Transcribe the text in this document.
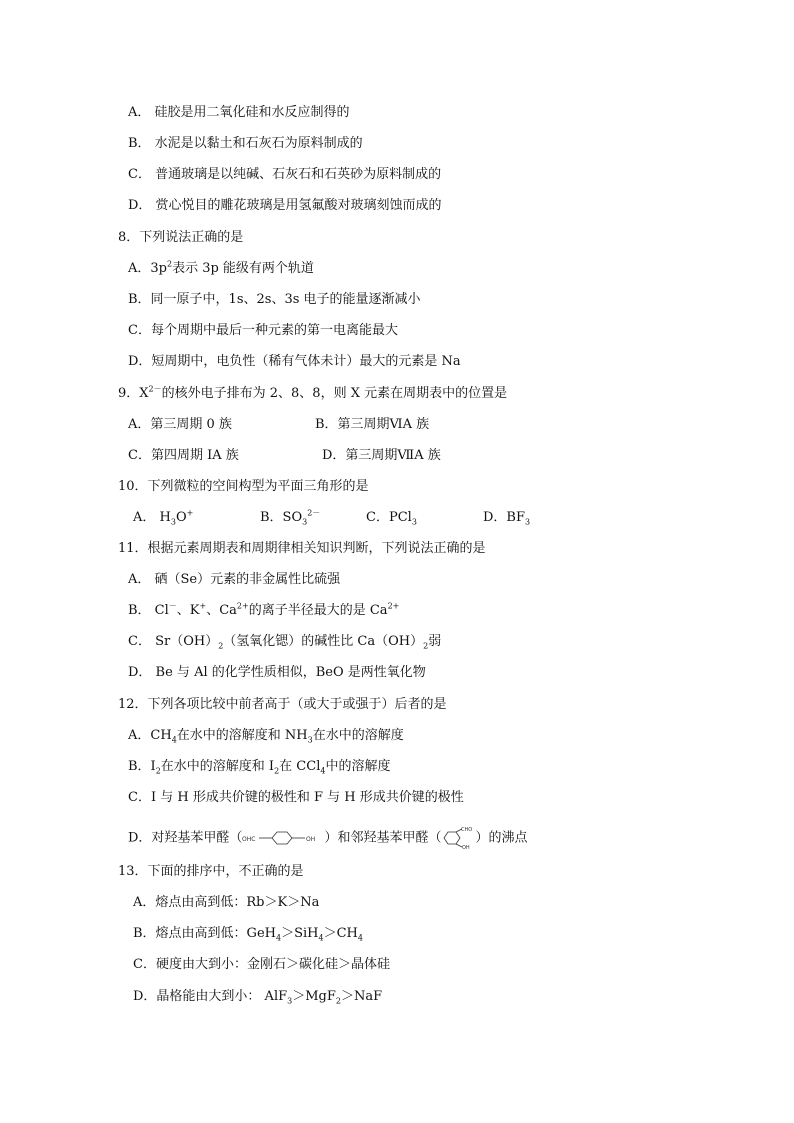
A． 硅胶是用二氧化硅和水反应制得的
B． 水泥是以黏土和石灰石为原料制成的
C． 普通玻璃是以纯碱、石灰石和石英砂为原料制成的
D． 赏心悦目的雕花玻璃是用氢氟酸对玻璃刻蚀而成的
8．下列说法正确的是
A．$3p^2$表示 3p 能级有两个轨道
B．同一原子中，1s、2s、3s 电子的能量逐渐减小
C．每个周期中最后一种元素的第一电离能最大
D．短周期中，电负性（稀有气体未计）最大的元素是 Na
9．$X^{2-}$的核外电子排布为 2、8、8，则 X 元素在周期表中的位置是
A．第三周期 0 族	B．第三周期ⅥA 族
C．第四周期 IA 族	D．第三周期ⅦA 族
10．下列微粒的空间构型为平面三角形的是
A． $H_3O^+$	B．$SO_3^{2-}$	C．PCl$_3$	D．$BF_3$
11．根据元素周期表和周期律相关知识判断，下列说法正确的是
A． 硒（Se）元素的非金属性比硫强
B． Cl－、K+、$Ca^{2+}$的离子半径最大的是 $Ca^{2+}$
C． $Sr(OH)_2$（氢氧化锶）的碱性比 $Ca(OH)_2$弱
D． Be 与 Al 的化学性质相似，BeO 是两性氧化物
12．下列各项比较中前者高于（或大于或强于）后者的是
A．$CH_4$在水中的溶解度和 $NH_3$在水中的溶解度
B．$I_2$在水中的溶解度和 $I_2$在 CCl$_4$中的溶解度
C．I 与 H 形成共价键的极性和 F 与 H 形成共价键的极性
D．对羟基苯甲醛（ OHC	OH ）和邻羟基苯甲醛（
CHO
OH
）的沸点
13．下面的排序中，不正确的是
A．熔点由高到低：Rb＞K＞Na
B．熔点由高到低：$GeH_4>SiH_4>CH_4$
C．硬度由大到小：金刚石＞碳化硅＞晶体硅
D．晶格能由大到小： AlF$_3$＞MgF$_2$＞NaF
